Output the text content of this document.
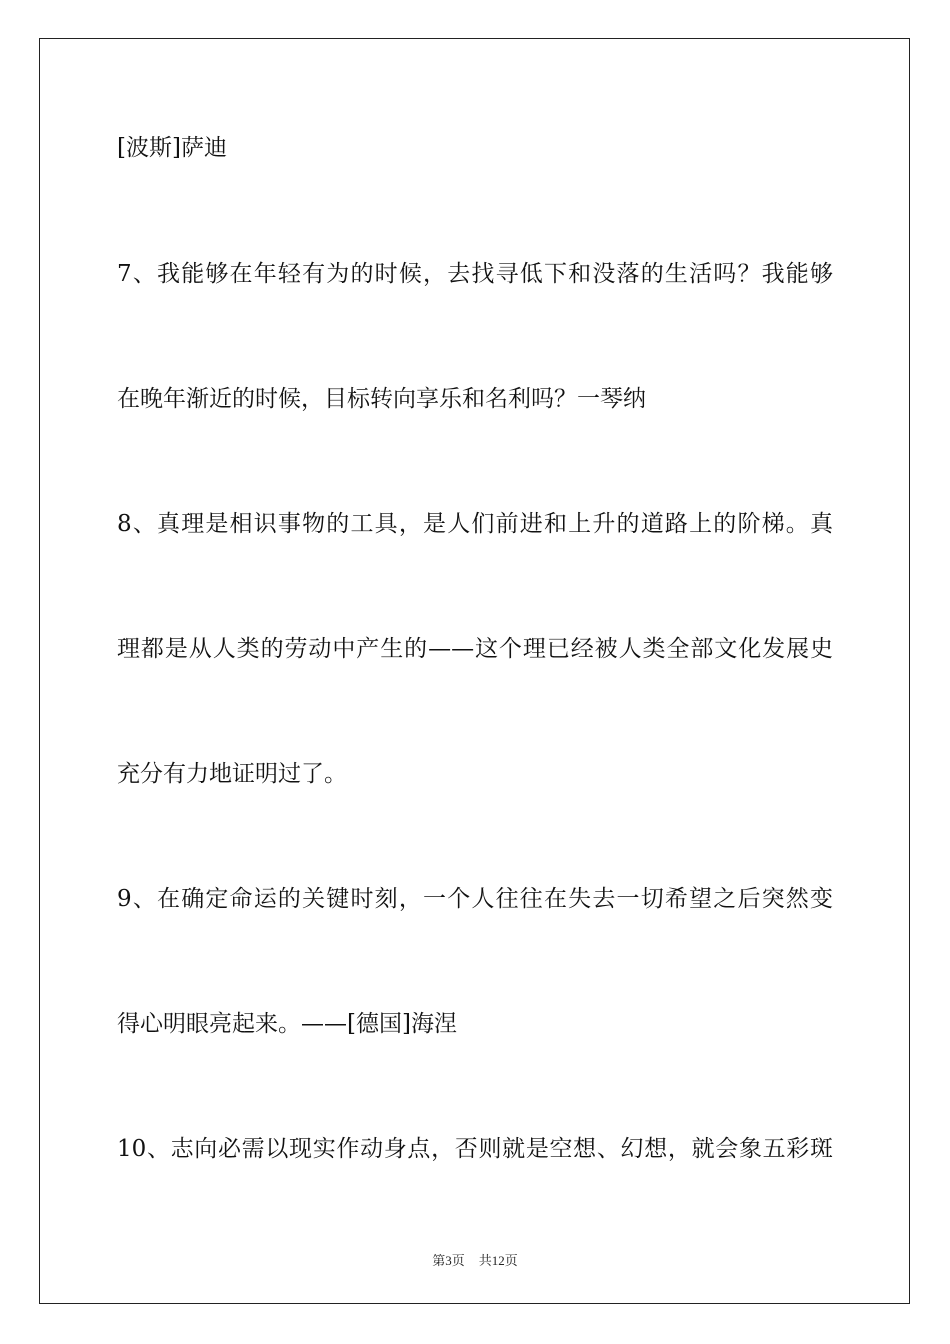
[波斯]萨迪
7、我能够在年轻有为的时候，去找寻低下和没落的生活吗？我能够
在晚年渐近的时候，目标转向享乐和名利吗？一琴纳
8、真理是相识事物的工具，是人们前进和上升的道路上的阶梯。真
理都是从人类的劳动中产生的——这个理已经被人类全部文化发展史
充分有力地证明过了。
9、在确定命运的关键时刻，一个人往往在失去一切希望之后突然变
得心明眼亮起来。——[德国]海涅
10、志向必需以现实作动身点，否则就是空想、幻想，就会象五彩斑
第3页 共12页
